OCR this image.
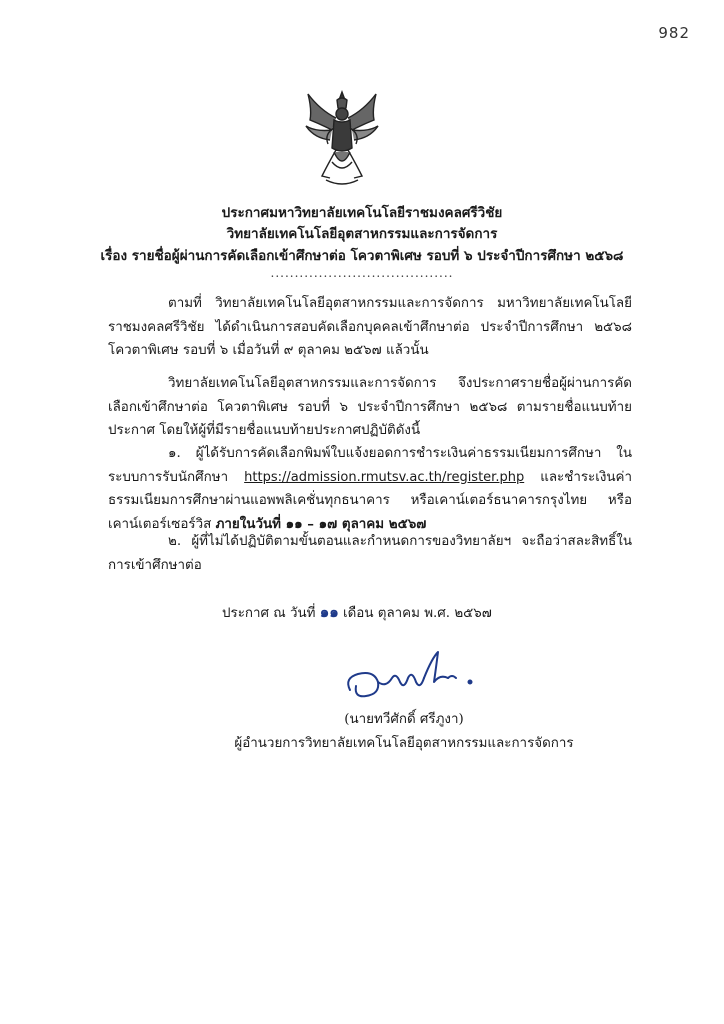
982
ประกาศมหาวิทยาลัยเทคโนโลยีราชมงคลศรีวิชัย
วิทยาลัยเทคโนโลยีอุตสาหกรรมและการจัดการ
เรื่อง รายชื่อผู้ผ่านการคัดเลือกเข้าศึกษาต่อ โควตาพิเศษ รอบที่ ๖ ประจำปีการศึกษา ๒๕๖๘
......................................
ตามที่ วิทยาลัยเทคโนโลยีอุตสาหกรรมและการจัดการ มหาวิทยาลัยเทคโนโลยีราชมงคลศรีวิชัย ได้ดำเนินการสอบคัดเลือกบุคคลเข้าศึกษาต่อ ประจำปีการศึกษา ๒๕๖๘ โควตาพิเศษ รอบที่ ๖ เมื่อวันที่ ๙ ตุลาคม ๒๕๖๗ แล้วนั้น
วิทยาลัยเทคโนโลยีอุตสาหกรรมและการจัดการ จึงประกาศรายชื่อผู้ผ่านการคัดเลือกเข้าศึกษาต่อ โควตาพิเศษ รอบที่ ๖ ประจำปีการศึกษา ๒๕๖๘ ตามรายชื่อแนบท้ายประกาศ โดยให้ผู้ที่มีรายชื่อแนบท้ายประกาศปฏิบัติดังนี้
๑. ผู้ได้รับการคัดเลือกพิมพ์ใบแจ้งยอดการชำระเงินค่าธรรมเนียมการศึกษา ในระบบการรับนักศึกษา https://admission.rmutsv.ac.th/register.php และชำระเงินค่าธรรมเนียมการศึกษาผ่านแอพพลิเคชั่นทุกธนาคาร หรือเคาน์เตอร์ธนาคารกรุงไทย หรือเคาน์เตอร์เซอร์วิส ภายในวันที่ ๑๑ – ๑๗ ตุลาคม ๒๕๖๗
๒. ผู้ที่ไม่ได้ปฏิบัติตามขั้นตอนและกำหนดการของวิทยาลัยฯ จะถือว่าสละสิทธิ์ในการเข้าศึกษาต่อ
ประกาศ ณ วันที่ ๑๑ เดือน ตุลาคม พ.ศ. ๒๕๖๗
(นายทวีศักดิ์ ศรีภูงา)
ผู้อำนวยการวิทยาลัยเทคโนโลยีอุตสาหกรรมและการจัดการ
